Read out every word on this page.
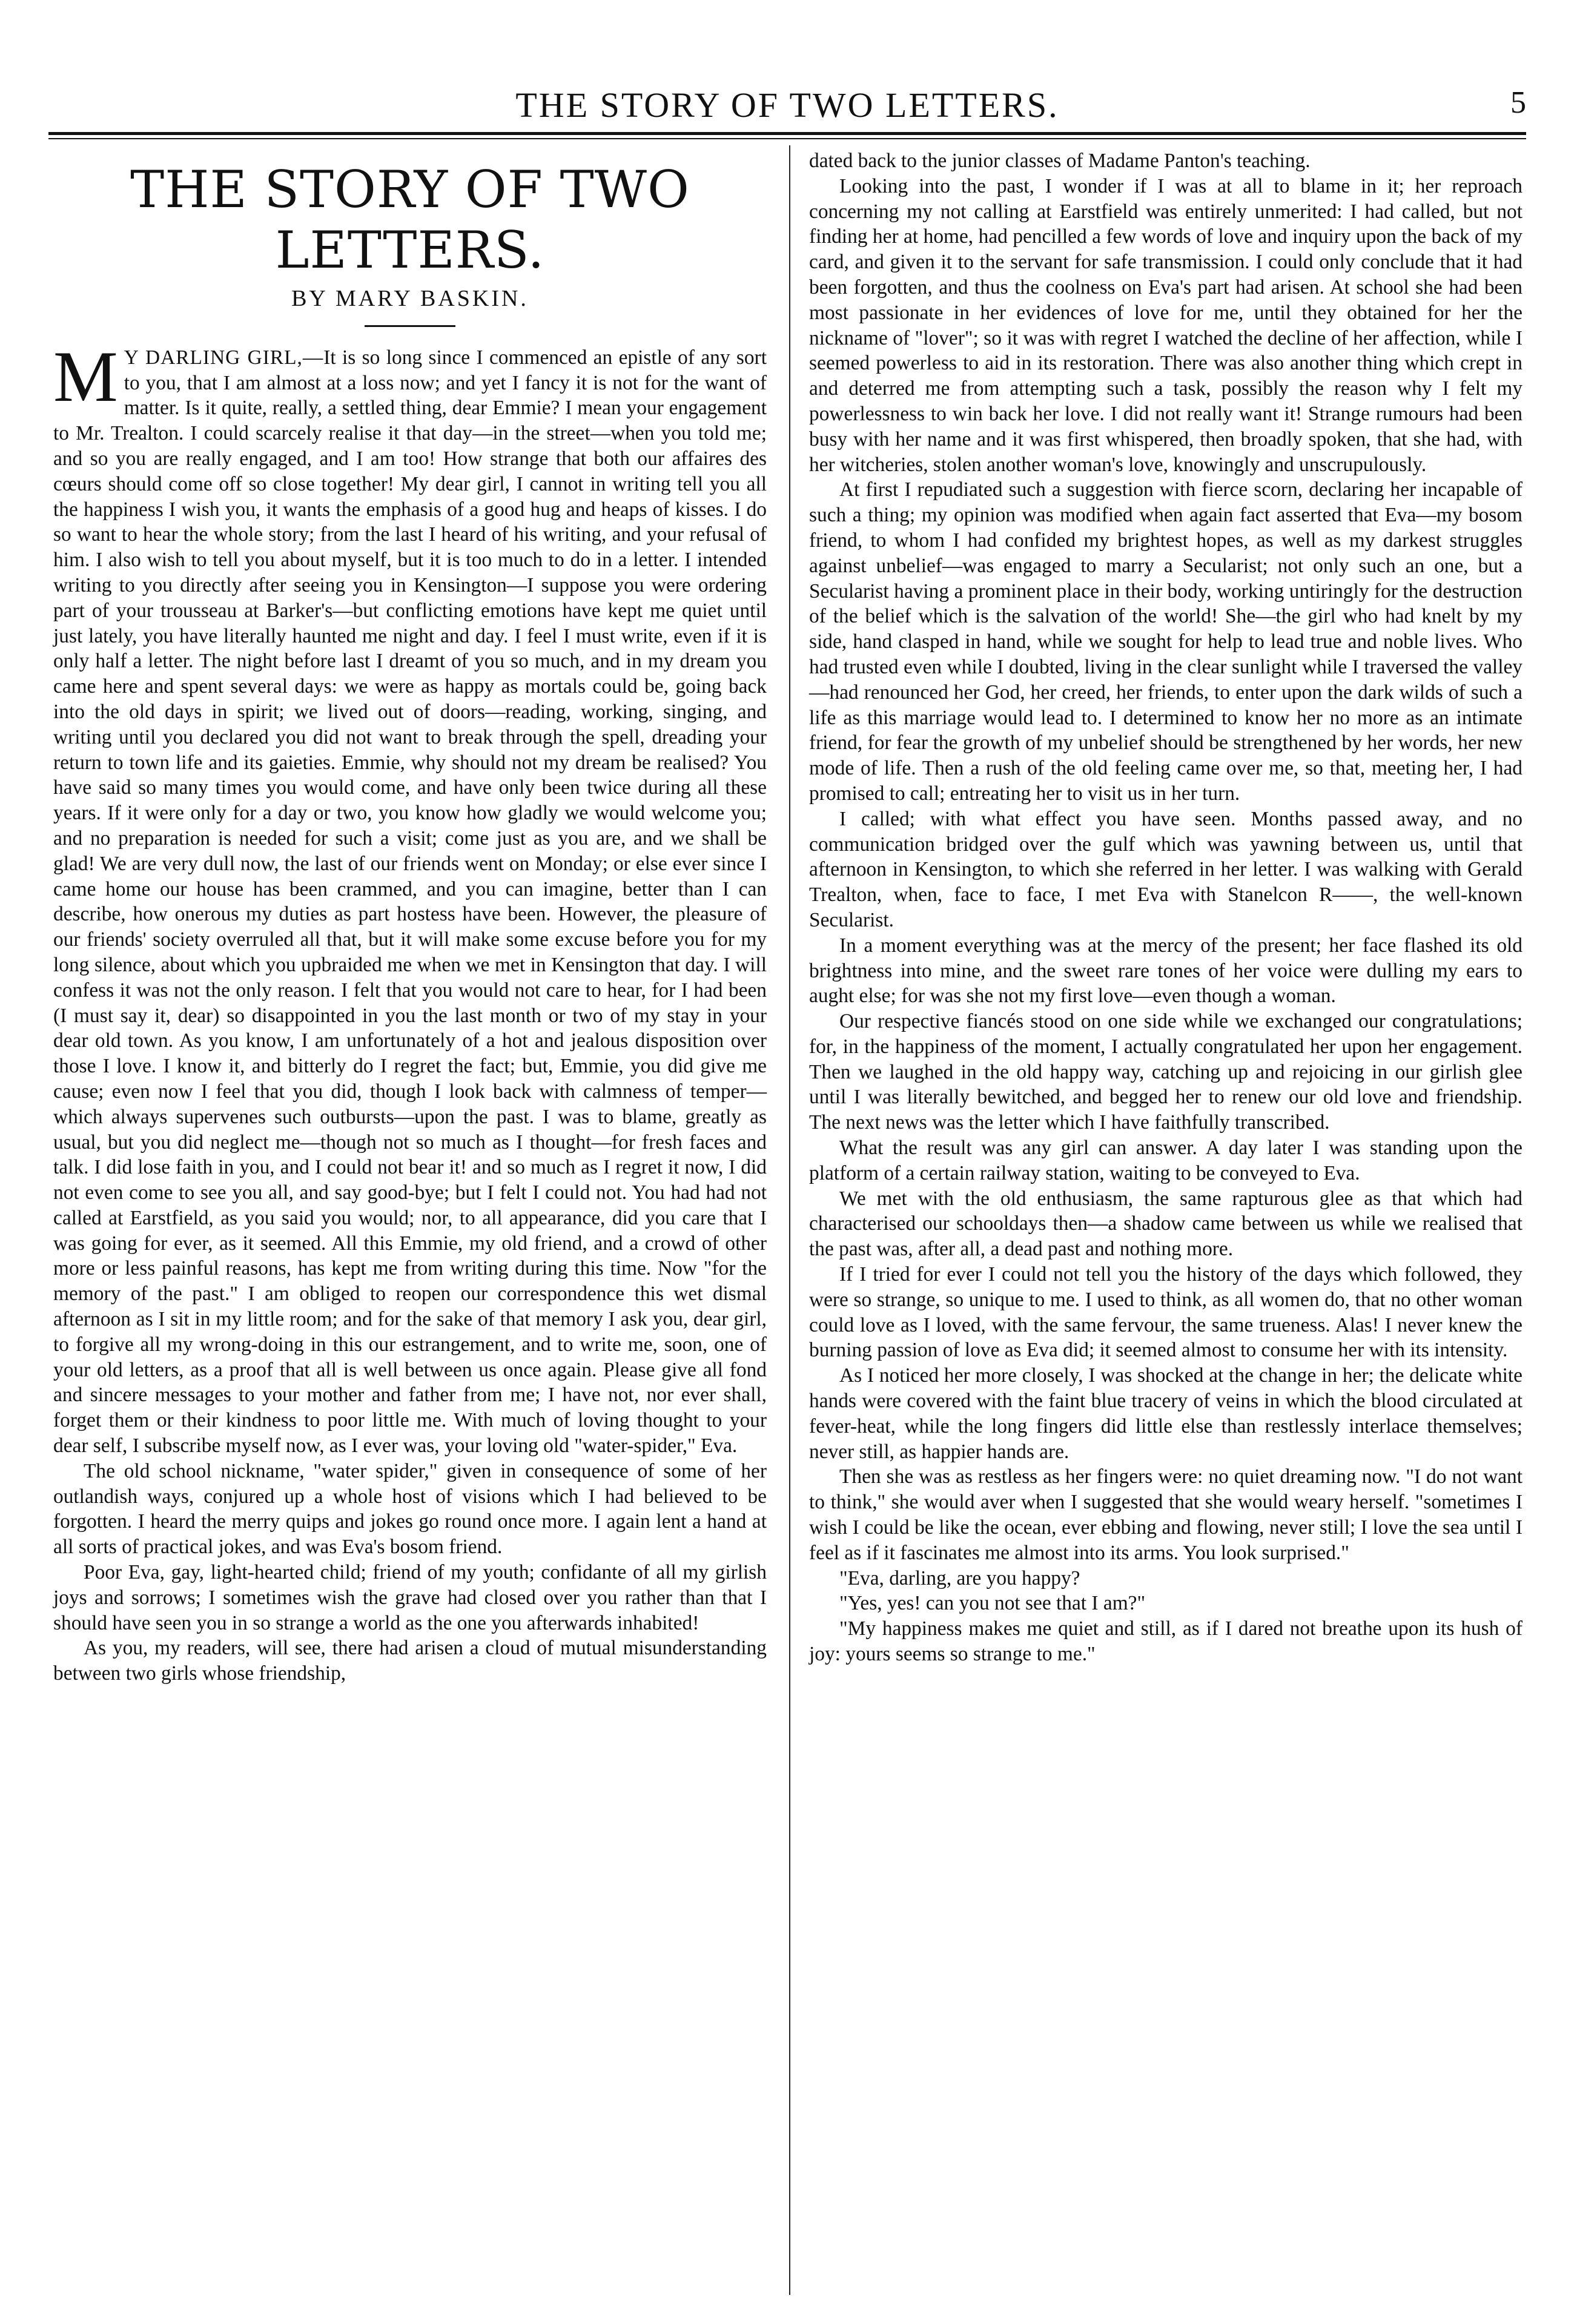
THE STORY OF TWO LETTERS.	5
THE STORY OF TWO LETTERS.
BY MARY BASKIN.

M Y DARLING GIRL,—It is so long since I commenced an epistle of any sort to you, that I am almost at a loss now; and yet I fancy it is not for the want of matter. Is it quite, really, a settled thing, dear Emmie? I mean your engagement to Mr. Trealton. I could scarcely realise it that day—in the street—when you told me; and so you are really engaged, and I am too! How strange that both our affaires des cœurs should come off so close together! My dear girl, I cannot in writing tell you all the happiness I wish you, it wants the emphasis of a good hug and heaps of kisses. I do so want to hear the whole story; from the last I heard of his writing, and your refusal of him. I also wish to tell you about myself, but it is too much to do in a letter. I intended writing to you directly after seeing you in Kensington—I suppose you were ordering part of your trousseau at Barker's—but conflicting emotions have kept me quiet until just lately, you have literally haunted me night and day. I feel I must write, even if it is only half a letter. The night before last I dreamt of you so much, and in my dream you came here and spent several days: we were as happy as mortals could be, going back into the old days in spirit; we lived out of doors—reading, working, singing, and writing until you declared you did not want to break through the spell, dreading your return to town life and its gaieties. Emmie, why should not my dream be realised? You have said so many times you would come, and have only been twice during all these years. If it were only for a day or two, you know how gladly we would welcome you; and no preparation is needed for such a visit; come just as you are, and we shall be glad! We are very dull now, the last of our friends went on Monday; or else ever since I came home our house has been crammed, and you can imagine, better than I can describe, how onerous my duties as part hostess have been. However, the pleasure of our friends' society overruled all that, but it will make some excuse before you for my long silence, about which you upbraided me when we met in Kensington that day. I will confess it was not the only reason. I felt that you would not care to hear, for I had been (I must say it, dear) so disappointed in you the last month or two of my stay in your dear old town. As you know, I am unfortunately of a hot and jealous disposition over those I love. I know it, and bitterly do I regret the fact; but, Emmie, you did give me cause; even now I feel that you did, though I look back with calmness of temper—which always supervenes such outbursts—upon the past. I was to blame, greatly as usual, but you did neglect me—though not so much as I thought—for fresh faces and talk. I did lose faith in you, and I could not bear it! and so much as I regret it now, I did not even come to see you all, and say good-bye; but I felt I could not. You had had not called at Earstfield, as you said you would; nor, to all appearance, did you care that I was going for ever, as it seemed. All this Emmie, my old friend, and a crowd of other more or less painful reasons, has kept me from writing during this time. Now "for the memory of the past." I am obliged to reopen our correspondence this wet dismal afternoon as I sit in my little room; and for the sake of that memory I ask you, dear girl, to forgive all my wrong-doing in this our estrangement, and to write me, soon, one of your old letters, as a proof that all is well between us once again. Please give all fond and sincere messages to your mother and father from me; I have not, nor ever shall, forget them or their kindness to poor little me. With much of loving thought to your dear self, I subscribe myself now, as I ever was, your loving old "water-spider," Eva.

The old school nickname, "water spider," given in consequence of some of her outlandish ways, conjured up a whole host of visions which I had believed to be forgotten. I heard the merry quips and jokes go round once more. I again lent a hand at all sorts of practical jokes, and was Eva's bosom friend.

Poor Eva, gay, light-hearted child; friend of my youth; confidante of all my girlish joys and sorrows; I sometimes wish the grave had closed over you rather than that I should have seen you in so strange a world as the one you afterwards inhabited!

As you, my readers, will see, there had arisen a cloud of mutual misunderstanding between two girls whose friendship,

dated back to the junior classes of Madame Panton's teaching.

Looking into the past, I wonder if I was at all to blame in it; her reproach concerning my not calling at Earstfield was entirely unmerited: I had called, but not finding her at home, had pencilled a few words of love and inquiry upon the back of my card, and given it to the servant for safe transmission. I could only conclude that it had been forgotten, and thus the coolness on Eva's part had arisen. At school she had been most passionate in her evidences of love for me, until they obtained for her the nickname of "lover"; so it was with regret I watched the decline of her affection, while I seemed powerless to aid in its restoration. There was also another thing which crept in and deterred me from attempting such a task, possibly the reason why I felt my powerlessness to win back her love. I did not really want it! Strange rumours had been busy with her name and it was first whispered, then broadly spoken, that she had, with her witcheries, stolen another woman's love, knowingly and unscrupulously.

At first I repudiated such a suggestion with fierce scorn, declaring her incapable of such a thing; my opinion was modified when again fact asserted that Eva—my bosom friend, to whom I had confided my brightest hopes, as well as my darkest struggles against unbelief—was engaged to marry a Secularist; not only such an one, but a Secularist having a prominent place in their body, working untiringly for the destruction of the belief which is the salvation of the world! She—the girl who had knelt by my side, hand clasped in hand, while we sought for help to lead true and noble lives. Who had trusted even while I doubted, living in the clear sunlight while I traversed the valley—had renounced her God, her creed, her friends, to enter upon the dark wilds of such a life as this marriage would lead to. I determined to know her no more as an intimate friend, for fear the growth of my unbelief should be strengthened by her words, her new mode of life. Then a rush of the old feeling came over me, so that, meeting her, I had promised to call; entreating her to visit us in her turn.

I called; with what effect you have seen. Months passed away, and no communication bridged over the gulf which was yawning between us, until that afternoon in Kensington, to which she referred in her letter. I was walking with Gerald Trealton, when, face to face, I met Eva with Stanelcon R——, the well-known Secularist.

In a moment everything was at the mercy of the present; her face flashed its old brightness into mine, and the sweet rare tones of her voice were dulling my ears to aught else; for was she not my first love—even though a woman.

Our respective fiancés stood on one side while we exchanged our congratulations; for, in the happiness of the moment, I actually congratulated her upon her engagement. Then we laughed in the old happy way, catching up and rejoicing in our girlish glee until I was literally bewitched, and begged her to renew our old love and friendship. The next news was the letter which I have faithfully transcribed.

What the result was any girl can answer. A day later I was standing upon the platform of a certain railway station, waiting to be conveyed to Eva.

We met with the old enthusiasm, the same rapturous glee as that which had characterised our schooldays then—a shadow came between us while we realised that the past was, after all, a dead past and nothing more.

If I tried for ever I could not tell you the history of the days which followed, they were so strange, so unique to me. I used to think, as all women do, that no other woman could love as I loved, with the same fervour, the same trueness. Alas! I never knew the burning passion of love as Eva did; it seemed almost to consume her with its intensity.

As I noticed her more closely, I was shocked at the change in her; the delicate white hands were covered with the faint blue tracery of veins in which the blood circulated at fever-heat, while the long fingers did little else than restlessly interlace themselves; never still, as happier hands are.

Then she was as restless as her fingers were: no quiet dreaming now. "I do not want to think," she would aver when I suggested that she would weary herself. "sometimes I wish I could be like the ocean, ever ebbing and flowing, never still; I love the sea until I feel as if it fascinates me almost into its arms. You look surprised."

"Eva, darling, are you happy?

"Yes, yes! can you not see that I am?"

"My happiness makes me quiet and still, as if I dared not breathe upon its hush of joy: yours seems so strange to me."
